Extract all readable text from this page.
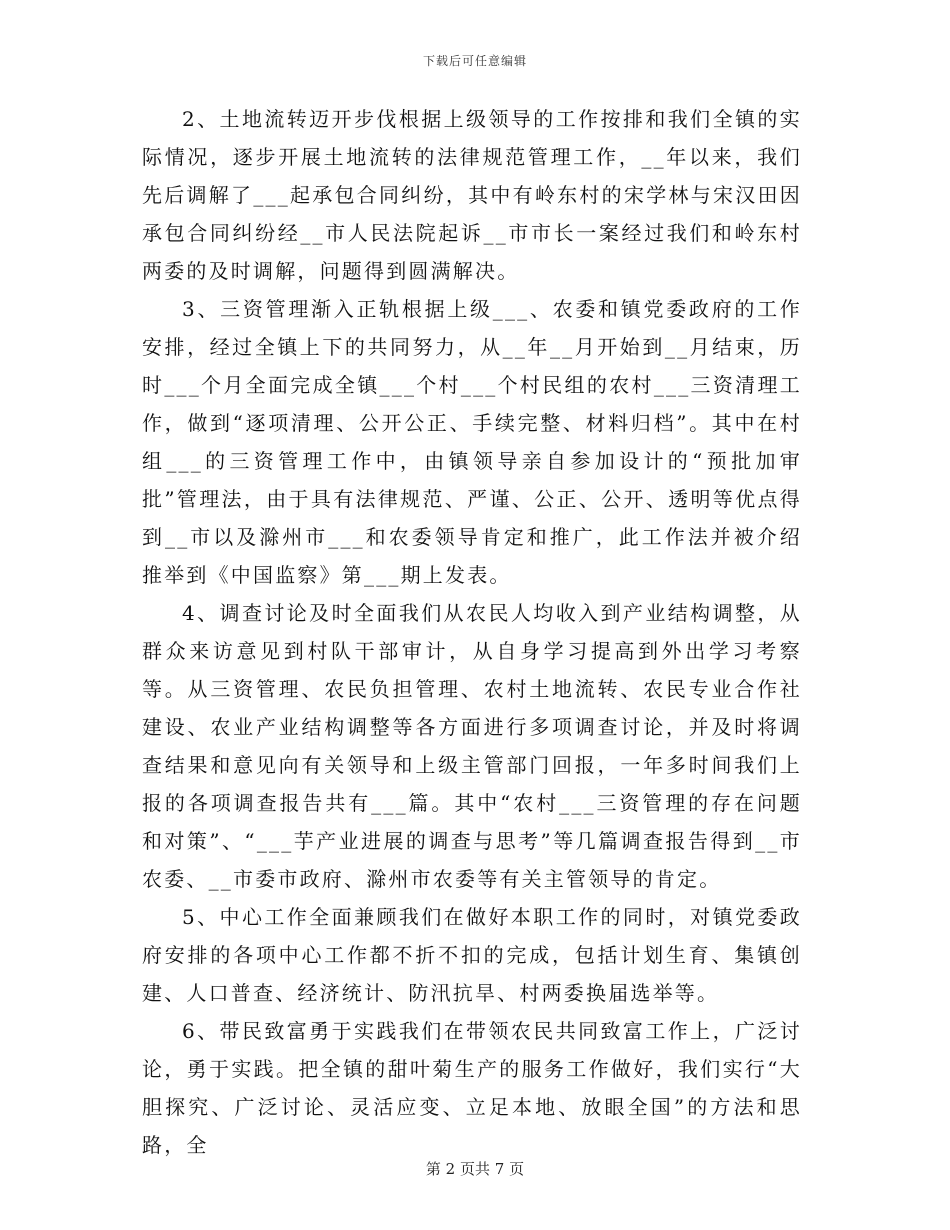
下载后可任意编辑

2、土地流转迈开步伐根据上级领导的工作按排和我们全镇的实际情况，逐步开展土地流转的法律规范管理工作，__年以来，我们先后调解了___起承包合同纠纷，其中有岭东村的宋学林与宋汉田因承包合同纠纷经__市人民法院起诉__市市长一案经过我们和岭东村两委的及时调解，问题得到圆满解决。

3、三资管理渐入正轨根据上级___、农委和镇党委政府的工作安排，经过全镇上下的共同努力，从__年__月开始到__月结束，历时___个月全面完成全镇___个村___个村民组的农村___三资清理工作，做到“逐项清理、公开公正、手续完整、材料归档”。其中在村组___的三资管理工作中，由镇领导亲自参加设计的“预批加审批”管理法，由于具有法律规范、严谨、公正、公开、透明等优点得到__市以及滁州市___和农委领导肯定和推广，此工作法并被介绍推举到《中国监察》第___期上发表。

4、调查讨论及时全面我们从农民人均收入到产业结构调整，从群众来访意见到村队干部审计，从自身学习提高到外出学习考察等。从三资管理、农民负担管理、农村土地流转、农民专业合作社建设、农业产业结构调整等各方面进行多项调查讨论，并及时将调查结果和意见向有关领导和上级主管部门回报，一年多时间我们上报的各项调查报告共有___篇。其中“农村___三资管理的存在问题和对策”、“___芋产业进展的调查与思考”等几篇调查报告得到__市农委、__市委市政府、滁州市农委等有关主管领导的肯定。

5、中心工作全面兼顾我们在做好本职工作的同时，对镇党委政府安排的各项中心工作都不折不扣的完成，包括计划生育、集镇创建、人口普查、经济统计、防汛抗旱、村两委换届选举等。

6、带民致富勇于实践我们在带领农民共同致富工作上，广泛讨论，勇于实践。把全镇的甜叶菊生产的服务工作做好，我们实行“大胆探究、广泛讨论、灵活应变、立足本地、放眼全国”的方法和思路，全

第 2 页共 7 页
